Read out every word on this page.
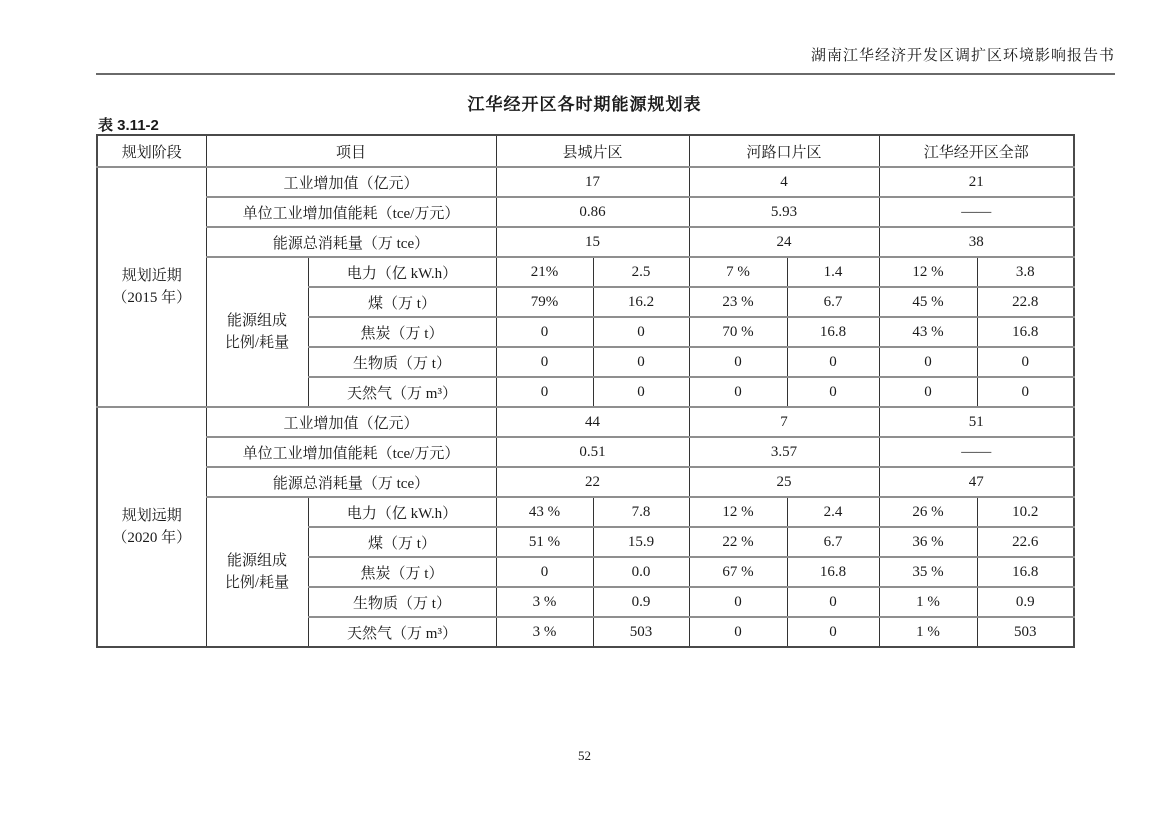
湖南江华经济开发区调扩区环境影响报告书
江华经开区各时期能源规划表
表 3.11-2
规划阶段	项目		县城片区		河路口片区		江华经开区全部	

规划近期
（2015 年）	工业增加值（亿元）		17		4		21	
	单位工业增加值能耗（tce/万元）		0.86		5.93		——	
	能源总消耗量（万 tce）		15		24		38	

	能源组成
比例/耗量	电力（亿 kW.h）	21%	2.5	7 %	1.4	12 %	3.8
		煤（万 t）	79%	16.2	23 %	6.7	45 %	22.8
		焦炭（万 t）	0	0	70 %	16.8	43 %	16.8
		生物质（万 t）	0	0	0	0	0	0
		天然气（万 m³）	0	0	0	0	0	0

规划远期
（2020 年）	工业增加值（亿元）		44		7		51	
	单位工业增加值能耗（tce/万元）		0.51		3.57		——	
	能源总消耗量（万 tce）		22		25		47	

	能源组成
比例/耗量	电力（亿 kW.h）	43 %	7.8	12 %	2.4	26 %	10.2
		煤（万 t）	51 %	15.9	22 %	6.7	36 %	22.6
		焦炭（万 t）	0	0.0	67 %	16.8	35 %	16.8
		生物质（万 t）	3 %	0.9	0	0	1 %	0.9
		天然气（万 m³）	3 %	503	0	0	1 %	503
52
